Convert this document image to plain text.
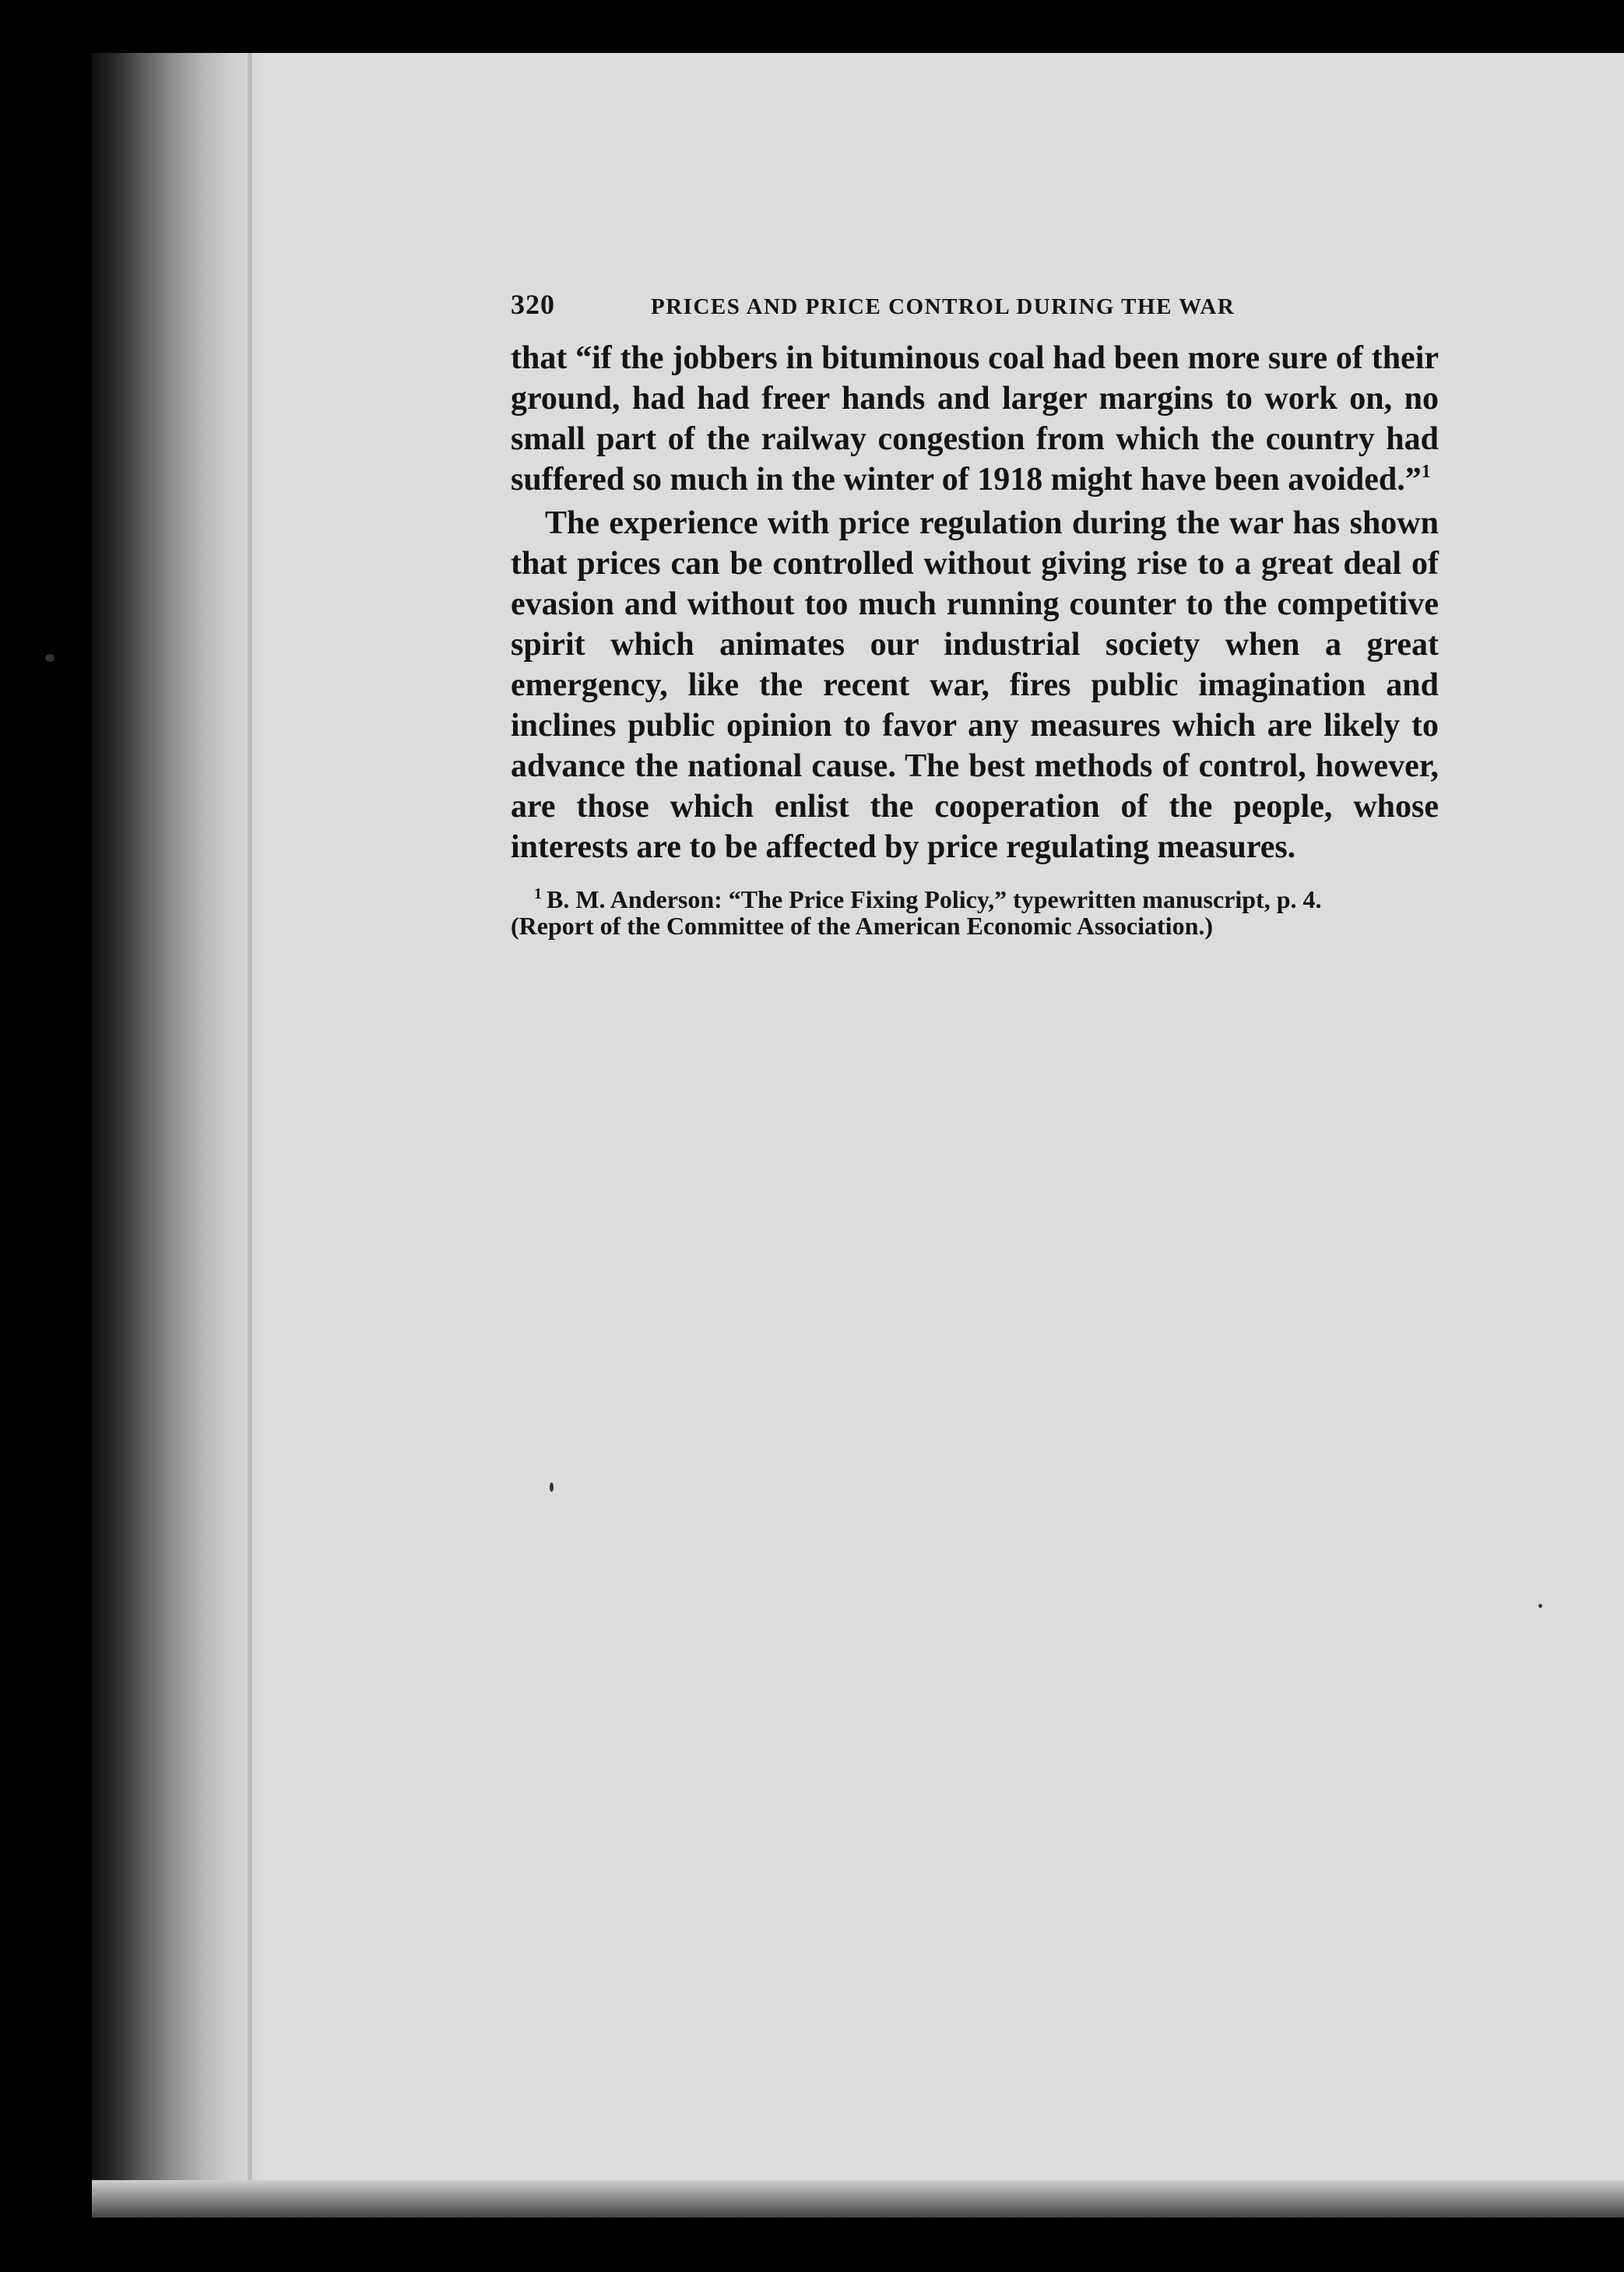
320	PRICES AND PRICE CONTROL DURING THE WAR

that “if the jobbers in bituminous coal had been more sure of their ground, had had freer hands and larger margins to work on, no small part of the railway congestion from which the country had suffered so much in the winter of 1918 might have been avoided.”$^1$

The experience with price regulation during the war has shown that prices can be controlled without giving rise to a great deal of evasion and without too much running counter to the competitive spirit which animates our industrial society when a great emergency, like the recent war, fires public imagination and inclines public opinion to favor any measures which are likely to advance the national cause. The best methods of control, however, are those which enlist the cooperation of the people, whose interests are to be affected by price regulating measures.

$^1$ B. M. Anderson: “The Price Fixing Policy,” typewritten manuscript, p. 4.
(Report of the Committee of the American Economic Association.)
